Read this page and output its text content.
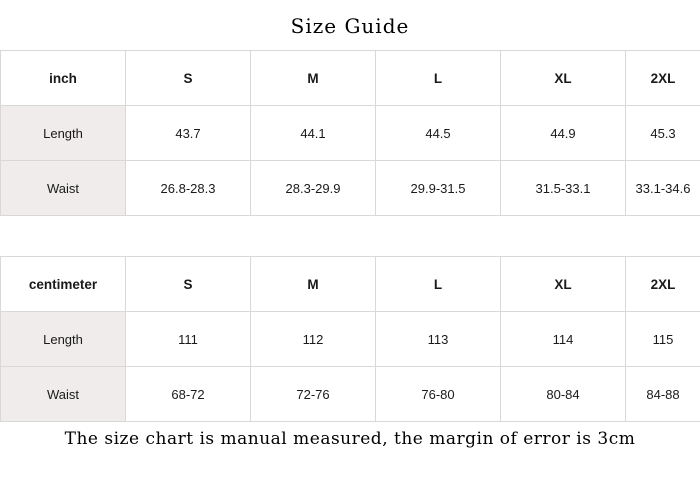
Size Guide
inch	S	M	L	XL	2XL
Length	43.7	44.1	44.5	44.9	45.3
Waist	26.8-28.3	28.3-29.9	29.9-31.5	31.5-33.1	33.1-34.6
centimeter	S	M	L	XL	2XL
Length	111	112	113	114	115
Waist	68-72	72-76	76-80	80-84	84-88
The size chart is manual measured, the margin of error is 3cm
